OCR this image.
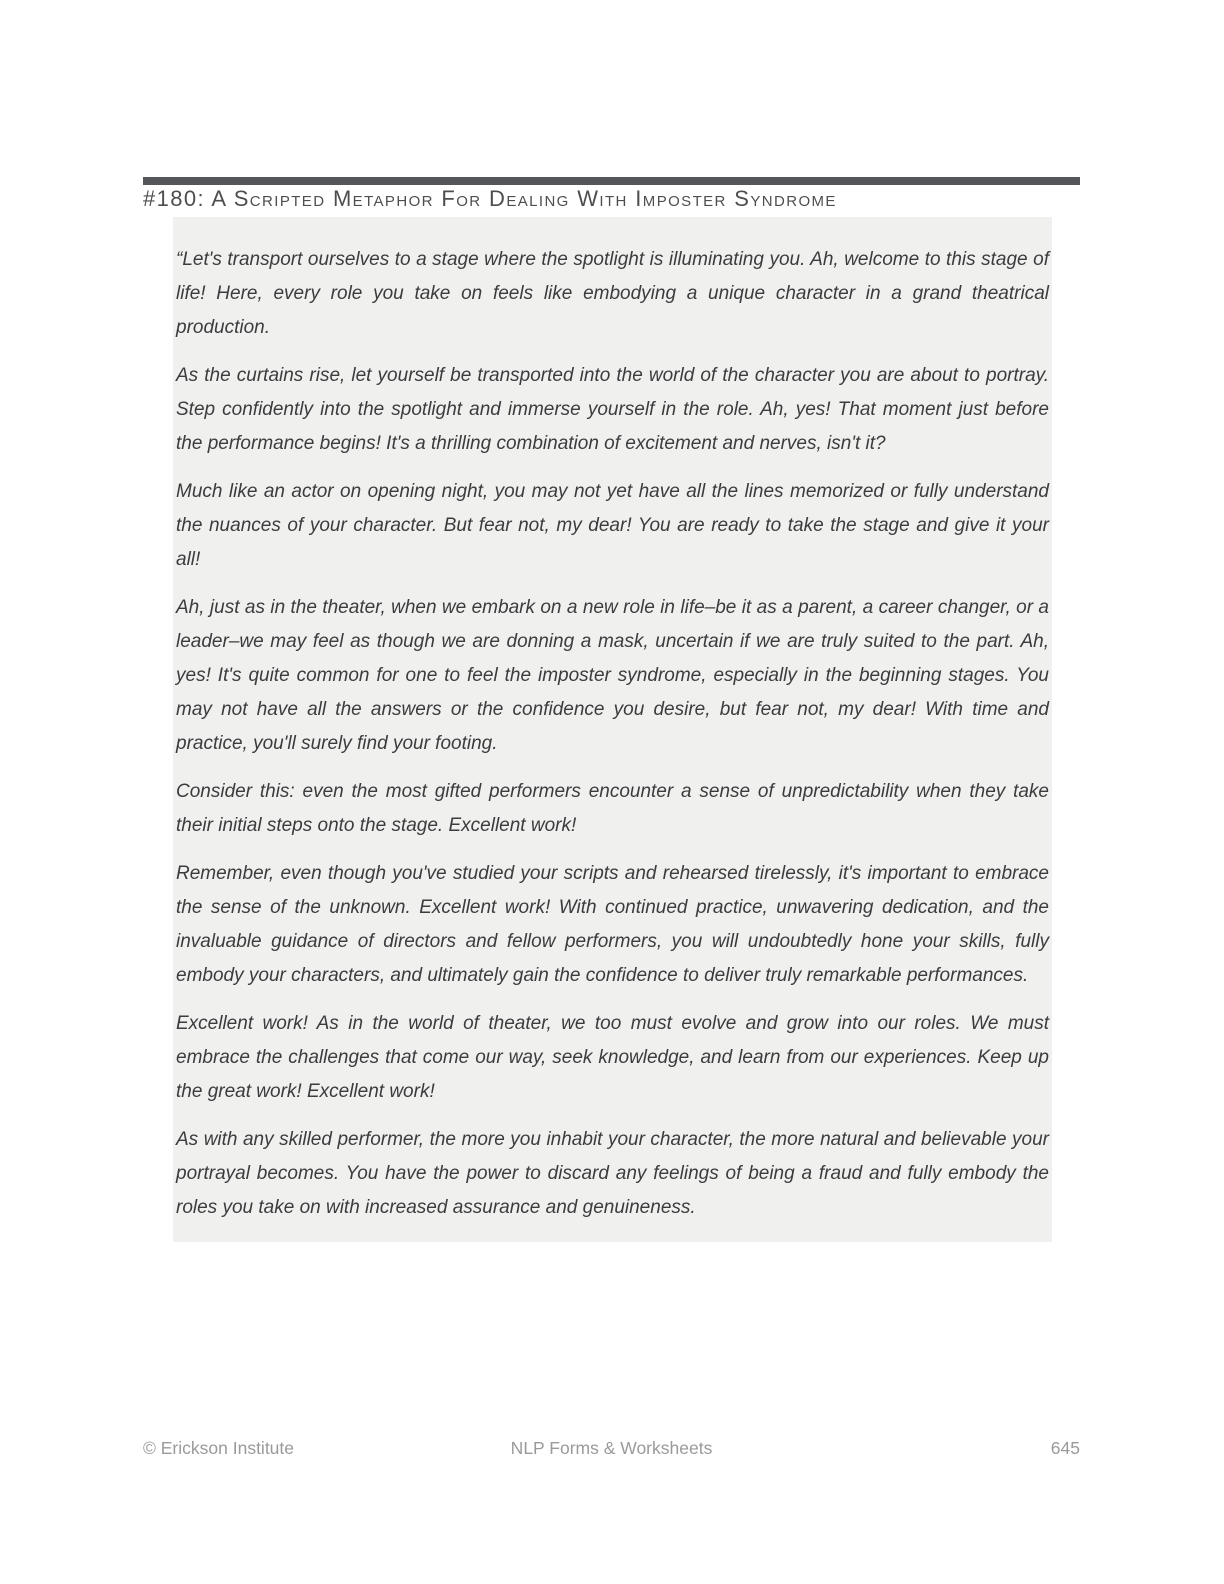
#180: A Scripted Metaphor For Dealing With Imposter Syndrome

“Let's transport ourselves to a stage where the spotlight is illuminating you. Ah, welcome to this stage of life! Here, every role you take on feels like embodying a unique character in a grand theatrical production.

As the curtains rise, let yourself be transported into the world of the character you are about to portray. Step confidently into the spotlight and immerse yourself in the role. Ah, yes! That moment just before the performance begins! It's a thrilling combination of excitement and nerves, isn't it?

Much like an actor on opening night, you may not yet have all the lines memorized or fully understand the nuances of your character. But fear not, my dear! You are ready to take the stage and give it your all!

Ah, just as in the theater, when we embark on a new role in life–be it as a parent, a career changer, or a leader–we may feel as though we are donning a mask, uncertain if we are truly suited to the part. Ah, yes! It's quite common for one to feel the imposter syndrome, especially in the beginning stages. You may not have all the answers or the confidence you desire, but fear not, my dear! With time and practice, you'll surely find your footing.

Consider this: even the most gifted performers encounter a sense of unpredictability when they take their initial steps onto the stage. Excellent work!

Remember, even though you've studied your scripts and rehearsed tirelessly, it's important to embrace the sense of the unknown. Excellent work! With continued practice, unwavering dedication, and the invaluable guidance of directors and fellow performers, you will undoubtedly hone your skills, fully embody your characters, and ultimately gain the confidence to deliver truly remarkable performances.

Excellent work! As in the world of theater, we too must evolve and grow into our roles. We must embrace the challenges that come our way, seek knowledge, and learn from our experiences. Keep up the great work! Excellent work!

As with any skilled performer, the more you inhabit your character, the more natural and believable your portrayal becomes. You have the power to discard any feelings of being a fraud and fully embody the roles you take on with increased assurance and genuineness.

© Erickson Institute	NLP Forms & Worksheets	645
